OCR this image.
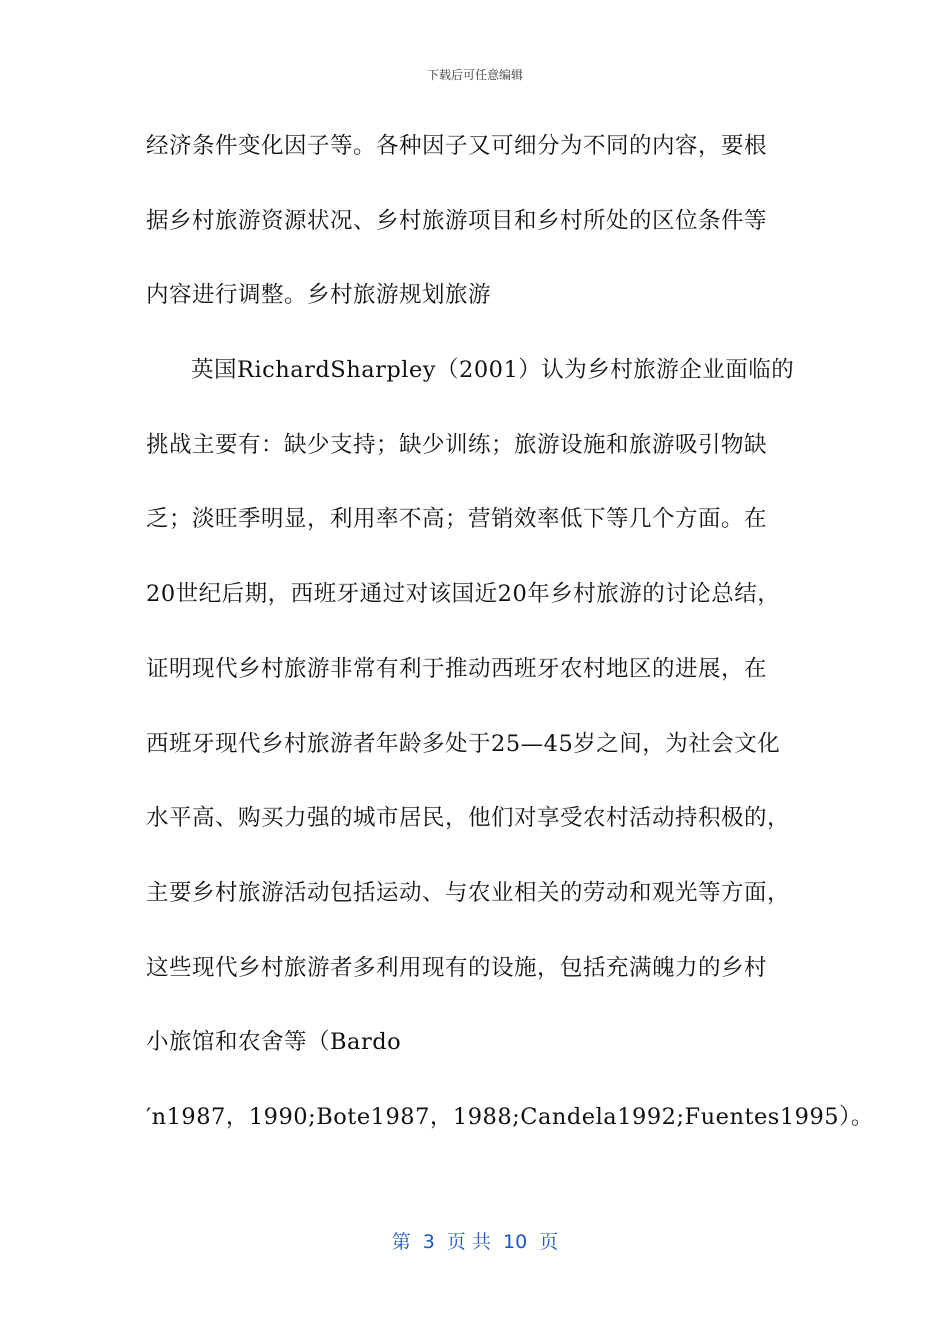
下载后可任意编辑
经济条件变化因子等。各种因子又可细分为不同的内容，要根
据乡村旅游资源状况、乡村旅游项目和乡村所处的区位条件等
内容进行调整。乡村旅游规划旅游
英国RichardSharpley（2001）认为乡村旅游企业面临的
挑战主要有：缺少支持；缺少训练；旅游设施和旅游吸引物缺
乏；淡旺季明显，利用率不高；营销效率低下等几个方面。在
20世纪后期，西班牙通过对该国近20年乡村旅游的讨论总结，
证明现代乡村旅游非常有利于推动西班牙农村地区的进展，在
西班牙现代乡村旅游者年龄多处于25—45岁之间，为社会文化
水平高、购买力强的城市居民，他们对享受农村活动持积极的，
主要乡村旅游活动包括运动、与农业相关的劳动和观光等方面，
这些现代乡村旅游者多利用现有的设施，包括充满魄力的乡村
小旅馆和农舍等（Bardo
′n1987，1990;Bote1987，1988;Candela1992;Fuentes1995）。
第  3  页 共  10  页
